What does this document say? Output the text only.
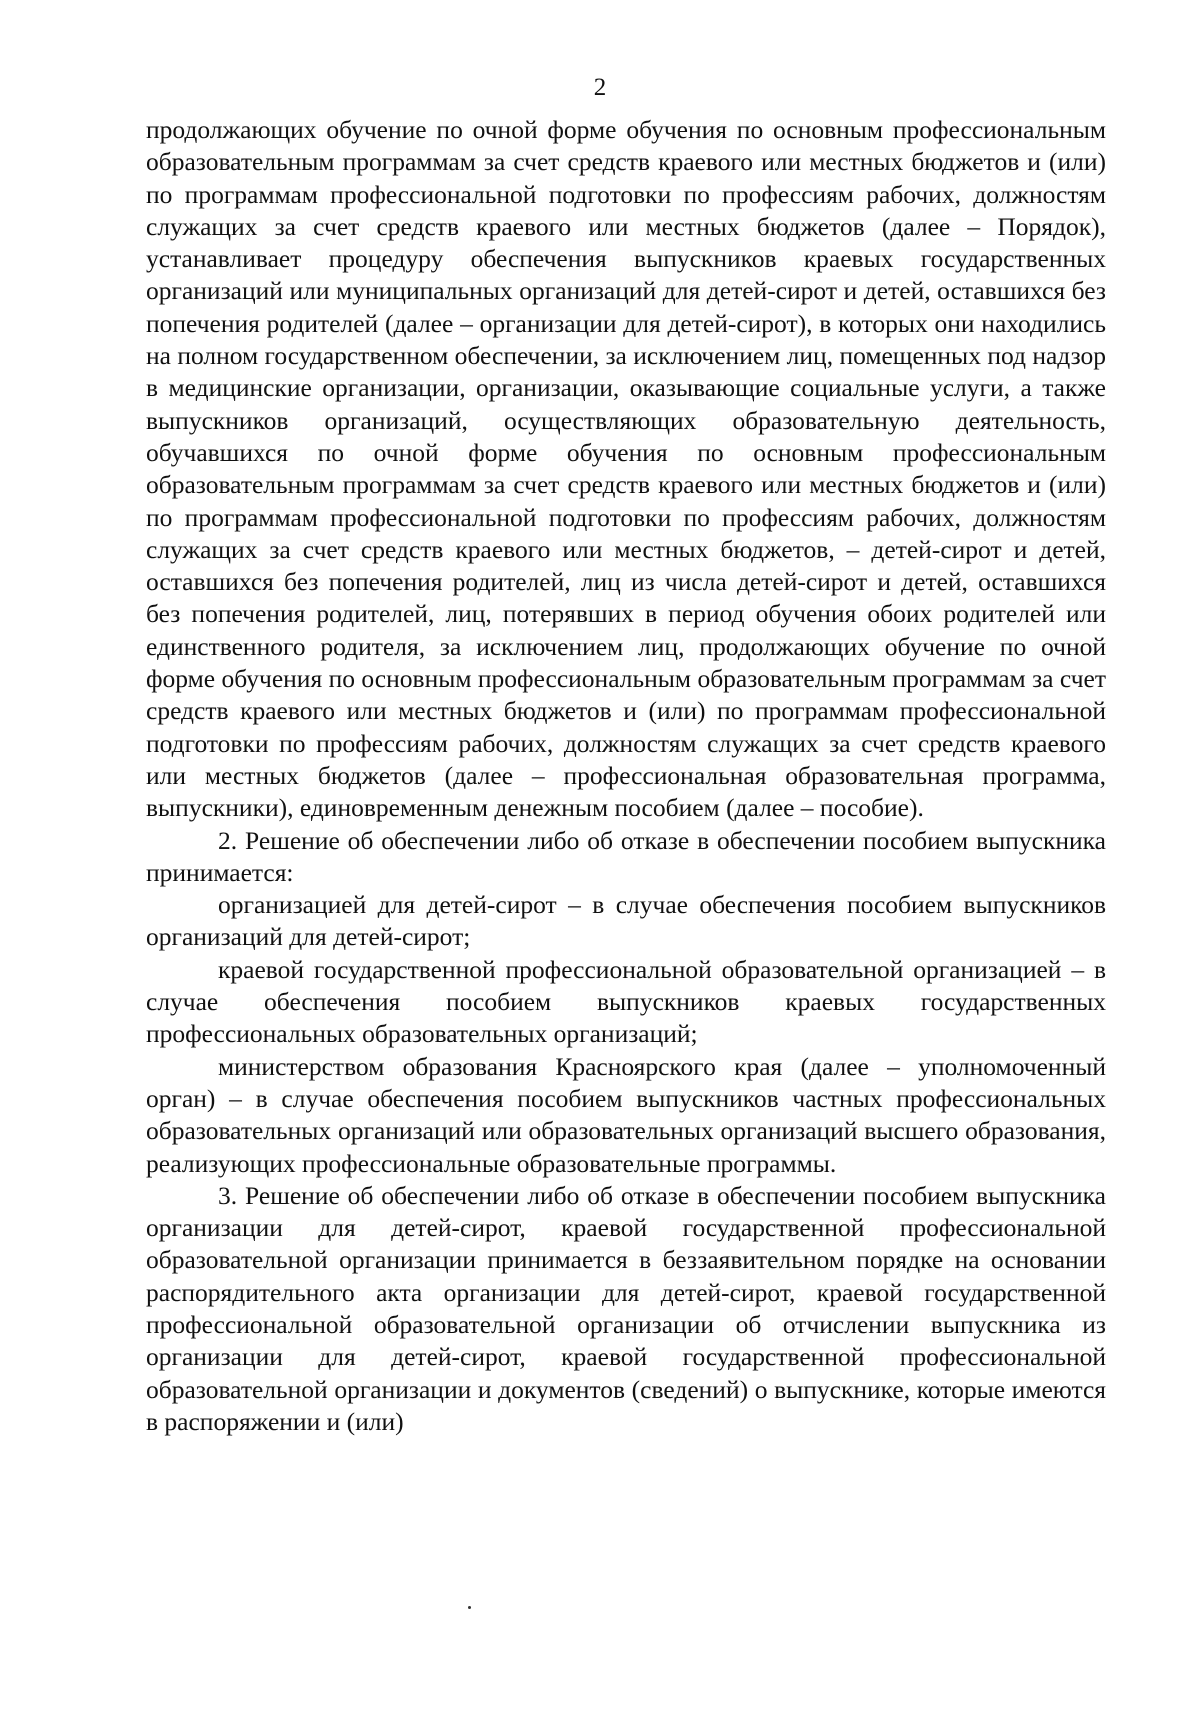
2

продолжающих обучение по очной форме обучения по основным профессиональным образовательным программам за счет средств краевого или местных бюджетов и (или) по программам профессиональной подготовки по профессиям рабочих, должностям служащих за счет средств краевого или местных бюджетов (далее – Порядок), устанавливает процедуру обеспечения выпускников краевых государственных организаций или муниципальных организаций для детей-сирот и детей, оставшихся без попечения родителей (далее – организации для детей-сирот), в которых они находились на полном государственном обеспечении, за исключением лиц, помещенных под надзор в медицинские организации, организации, оказывающие социальные услуги, а также выпускников организаций, осуществляющих образовательную деятельность, обучавшихся по очной форме обучения по основным профессиональным образовательным программам за счет средств краевого или местных бюджетов и (или) по программам профессиональной подготовки по профессиям рабочих, должностям служащих за счет средств краевого или местных бюджетов, – детей-сирот и детей, оставшихся без попечения родителей, лиц из числа детей-сирот и детей, оставшихся без попечения родителей, лиц, потерявших в период обучения обоих родителей или единственного родителя, за исключением лиц, продолжающих обучение по очной форме обучения по основным профессиональным образовательным программам за счет средств краевого или местных бюджетов и (или) по программам профессиональной подготовки по профессиям рабочих, должностям служащих за счет средств краевого или местных бюджетов (далее – профессиональная образовательная программа, выпускники), единовременным денежным пособием (далее – пособие).

2. Решение об обеспечении либо об отказе в обеспечении пособием выпускника принимается:

организацией для детей-сирот – в случае обеспечения пособием выпускников организаций для детей-сирот;

краевой государственной профессиональной образовательной организацией – в случае обеспечения пособием выпускников краевых государственных профессиональных образовательных организаций;

министерством образования Красноярского края (далее – уполномоченный орган) – в случае обеспечения пособием выпускников частных профессиональных образовательных организаций или образовательных организаций высшего образования, реализующих профессиональные образовательные программы.

3. Решение об обеспечении либо об отказе в обеспечении пособием выпускника организации для детей-сирот, краевой государственной профессиональной образовательной организации принимается в беззаявительном порядке на основании распорядительного акта организации для детей-сирот, краевой государственной профессиональной образовательной организации об отчислении выпускника из организации для детей-сирот, краевой государственной профессиональной образовательной организации и документов (сведений) о выпускнике, которые имеются в распоряжении и (или)
